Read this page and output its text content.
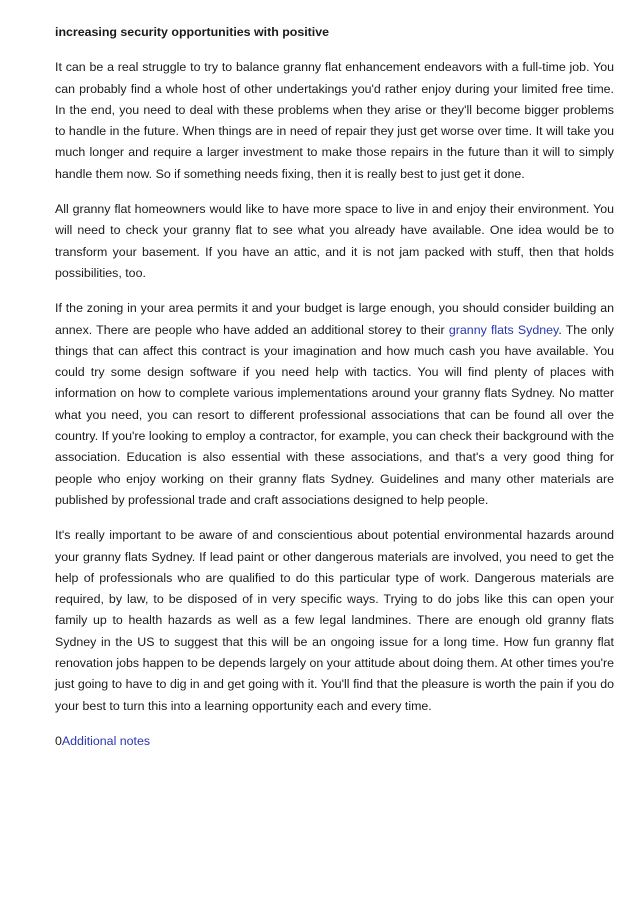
increasing security opportunities with positive

It can be a real struggle to try to balance granny flat enhancement endeavors with a full-time job. You can probably find a whole host of other undertakings you'd rather enjoy during your limited free time. In the end, you need to deal with these problems when they arise or they'll become bigger problems to handle in the future. When things are in need of repair they just get worse over time. It will take you much longer and require a larger investment to make those repairs in the future than it will to simply handle them now. So if something needs fixing, then it is really best to just get it done.

All granny flat homeowners would like to have more space to live in and enjoy their environment. You will need to check your granny flat to see what you already have available. One idea would be to transform your basement. If you have an attic, and it is not jam packed with stuff, then that holds possibilities, too.

If the zoning in your area permits it and your budget is large enough, you should consider building an annex. There are people who have added an additional storey to their granny flats Sydney. The only things that can affect this contract is your imagination and how much cash you have available. You could try some design software if you need help with tactics. You will find plenty of places with information on how to complete various implementations around your granny flats Sydney. No matter what you need, you can resort to different professional associations that can be found all over the country. If you're looking to employ a contractor, for example, you can check their background with the association. Education is also essential with these associations, and that's a very good thing for people who enjoy working on their granny flats Sydney. Guidelines and many other materials are published by professional trade and craft associations designed to help people.

It's really important to be aware of and conscientious about potential environmental hazards around your granny flats Sydney. If lead paint or other dangerous materials are involved, you need to get the help of professionals who are qualified to do this particular type of work. Dangerous materials are required, by law, to be disposed of in very specific ways. Trying to do jobs like this can open your family up to health hazards as well as a few legal landmines. There are enough old granny flats Sydney in the US to suggest that this will be an ongoing issue for a long time. How fun granny flat renovation jobs happen to be depends largely on your attitude about doing them. At other times you're just going to have to dig in and get going with it. You'll find that the pleasure is worth the pain if you do your best to turn this into a learning opportunity each and every time.

0Additional notes
